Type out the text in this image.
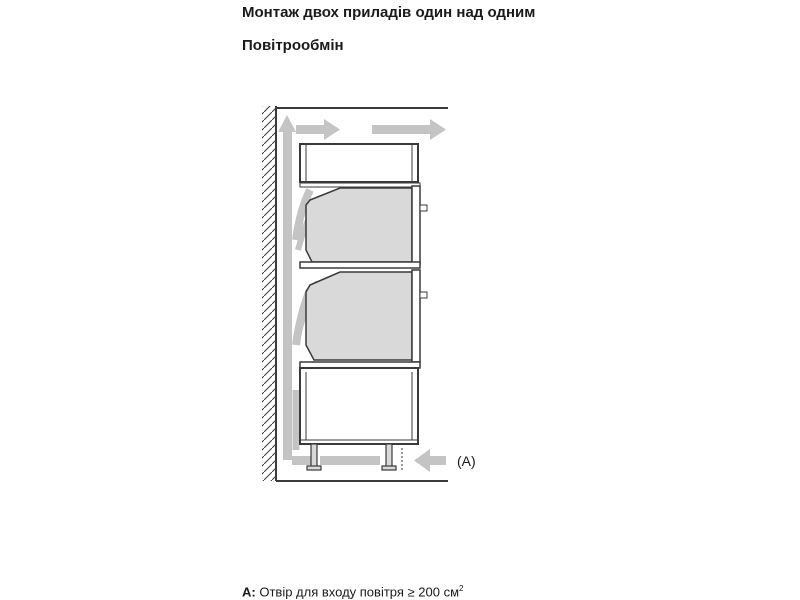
Монтаж двох приладів один над одним
Повітрообмін
(A)
A: Отвір для входу повітря ≥ 200 $см^2$
